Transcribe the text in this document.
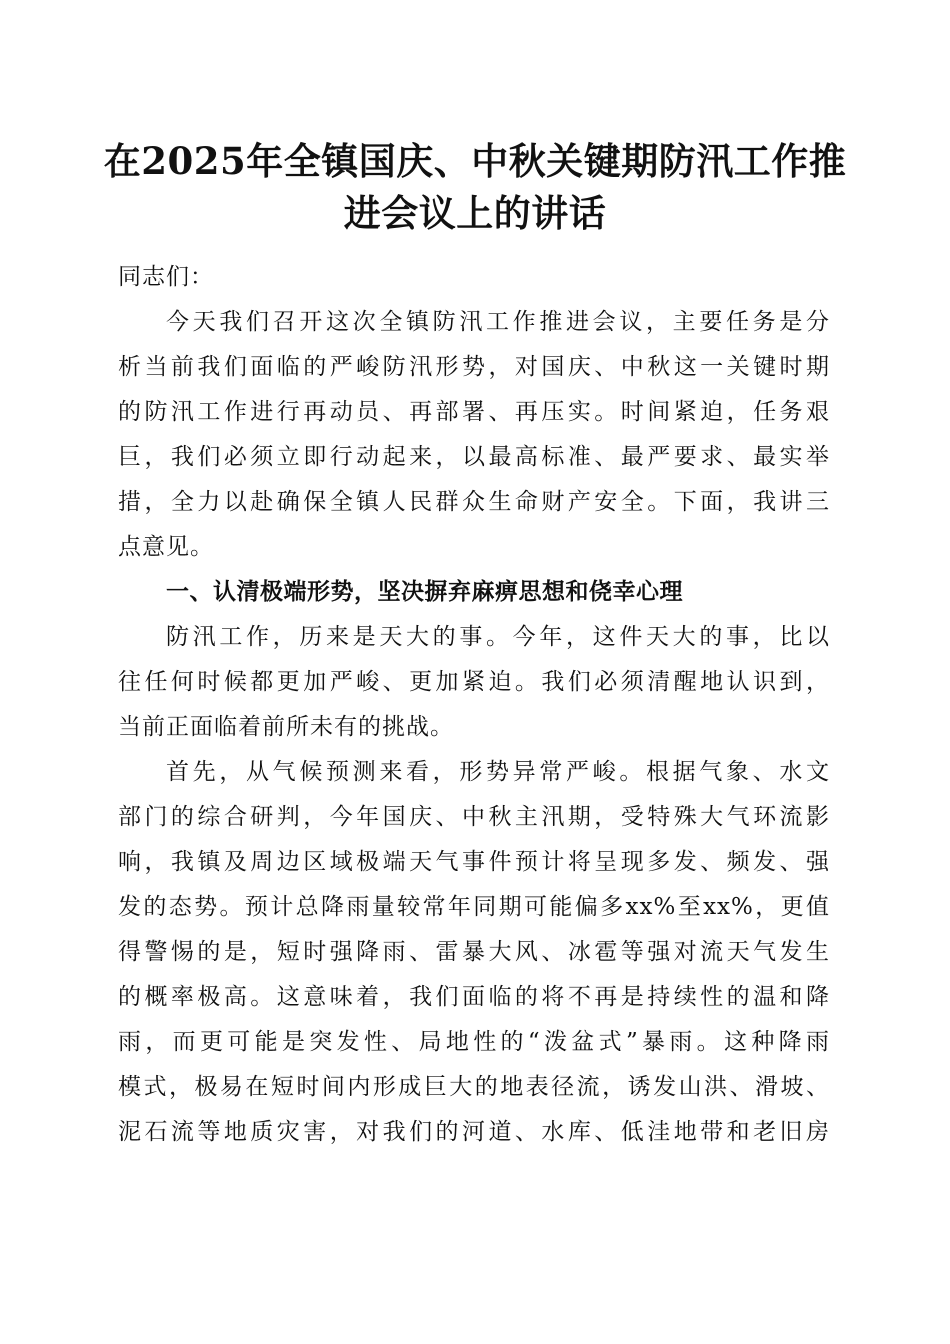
在2025年全镇国庆、中秋关键期防汛工作推
进会议上的讲话

同志们：

今天我们召开这次全镇防汛工作推进会议，主要任务是分
析当前我们面临的严峻防汛形势，对国庆、中秋这一关键时期
的防汛工作进行再动员、再部署、再压实。时间紧迫，任务艰
巨，我们必须立即行动起来，以最高标准、最严要求、最实举
措，全力以赴确保全镇人民群众生命财产安全。下面，我讲三
点意见。

一、认清极端形势，坚决摒弃麻痹思想和侥幸心理

防汛工作，历来是天大的事。今年，这件天大的事，比以
往任何时候都更加严峻、更加紧迫。我们必须清醒地认识到，
当前正面临着前所未有的挑战。

首先，从气候预测来看，形势异常严峻。根据气象、水文
部门的综合研判，今年国庆、中秋主汛期，受特殊大气环流影
响，我镇及周边区域极端天气事件预计将呈现多发、频发、强
发的态势。预计总降雨量较常年同期可能偏多xx%至xx%，更值
得警惕的是，短时强降雨、雷暴大风、冰雹等强对流天气发生
的概率极高。这意味着，我们面临的将不再是持续性的温和降
雨，而更可能是突发性、局地性的“泼盆式”暴雨。这种降雨
模式，极易在短时间内形成巨大的地表径流，诱发山洪、滑坡、
泥石流等地质灾害，对我们的河道、水库、低洼地带和老旧房
